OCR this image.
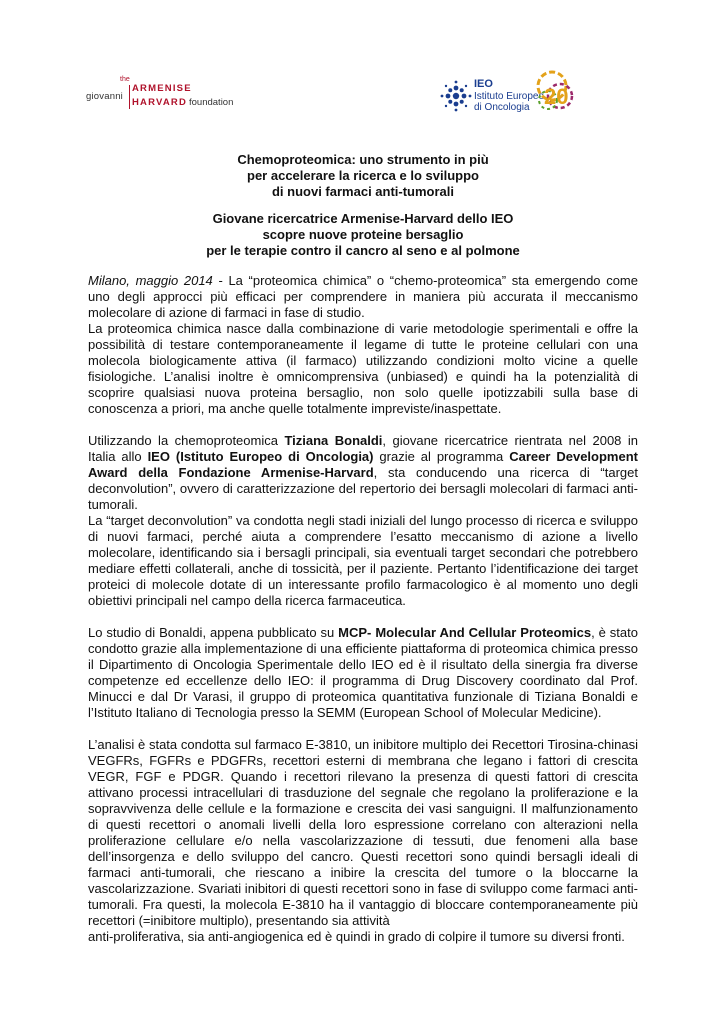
the
giovanni
ARMENISE
HARVARD foundation
IEO
Istituto Europeo
di Oncologia 20
Chemoproteomica: uno strumento in più
per accelerare la ricerca e lo sviluppo
di nuovi farmaci anti-tumorali
Giovane ricercatrice Armenise-Harvard dello IEO
scopre nuove proteine bersaglio
per le terapie contro il cancro al seno e al polmone

Milano, maggio 2014 - La “proteomica chimica” o “chemo-proteomica” sta emergendo come uno degli approcci più efficaci per comprendere in maniera più accurata il meccanismo molecolare di azione di farmaci in fase di studio.

La proteomica chimica nasce dalla combinazione di varie metodologie sperimentali e offre la possibilità di testare contemporaneamente il legame di tutte le proteine cellulari con una molecola biologicamente attiva (il farmaco) utilizzando condizioni molto vicine a quelle fisiologiche. L’analisi inoltre è omnicomprensiva (unbiased) e quindi ha la potenzialità di scoprire qualsiasi nuova proteina bersaglio, non solo quelle ipotizzabili sulla base di conoscenza a priori, ma anche quelle totalmente impreviste/inaspettate.

Utilizzando la chemoproteomica Tiziana Bonaldi, giovane ricercatrice rientrata nel 2008 in Italia allo IEO (Istituto Europeo di Oncologia) grazie al programma Career Development Award della Fondazione Armenise-Harvard, sta conducendo una ricerca di “target deconvolution”, ovvero di caratterizzazione del repertorio dei bersagli molecolari di farmaci anti-tumorali.

La “target deconvolution” va condotta negli stadi iniziali del lungo processo di ricerca e sviluppo di nuovi farmaci, perché aiuta a comprendere l’esatto meccanismo di azione a livello molecolare, identificando sia i bersagli principali, sia eventuali target secondari che potrebbero mediare effetti collaterali, anche di tossicità, per il paziente. Pertanto l’identificazione dei target proteici di molecole dotate di un interessante profilo farmacologico è al momento uno degli obiettivi principali nel campo della ricerca farmaceutica.

Lo studio di Bonaldi, appena pubblicato su MCP- Molecular And Cellular Proteomics, è stato condotto grazie alla implementazione di una efficiente piattaforma di proteomica chimica presso il Dipartimento di Oncologia Sperimentale dello IEO ed è il risultato della sinergia fra diverse competenze ed eccellenze dello IEO: il programma di Drug Discovery coordinato dal Prof. Minucci e dal Dr Varasi, il gruppo di proteomica quantitativa funzionale di Tiziana Bonaldi e l’Istituto Italiano di Tecnologia presso la SEMM (European School of Molecular Medicine).

L’analisi è stata condotta sul farmaco E-3810, un inibitore multiplo dei Recettori Tirosina-chinasi VEGFRs, FGFRs e PDGFRs, recettori esterni di membrana che legano i fattori di crescita VEGR, FGF e PDGR. Quando i recettori rilevano la presenza di questi fattori di crescita attivano processi intracellulari di trasduzione del segnale che regolano la proliferazione e la sopravvivenza delle cellule e la formazione e crescita dei vasi sanguigni. Il malfunzionamento di questi recettori o anomali livelli della loro espressione correlano con alterazioni nella proliferazione cellulare e/o nella vascolarizzazione di tessuti, due fenomeni alla base dell’insorgenza e dello sviluppo del cancro. Questi recettori sono quindi bersagli ideali di farmaci anti-tumorali, che riescano a inibire la crescita del tumore o la bloccarne la vascolarizzazione. Svariati inibitori di questi recettori sono in fase di sviluppo come farmaci anti-tumorali. Fra questi, la molecola E-3810 ha il vantaggio di bloccare contemporaneamente più recettori (=inibitore multiplo), presentando sia attività

anti-proliferativa, sia anti-angiogenica ed è quindi in grado di colpire il tumore su diversi fronti.
